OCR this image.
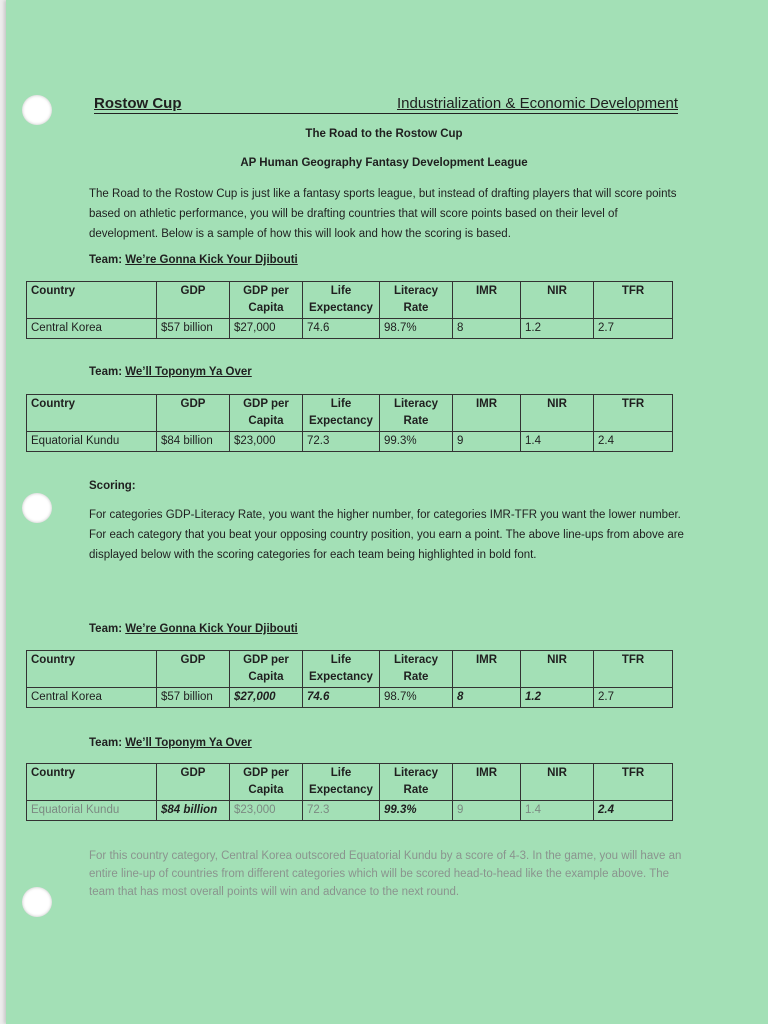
Rostow Cup	Industrialization & Economic Development
The Road to the Rostow Cup
AP Human Geography Fantasy Development League
The Road to the Rostow Cup is just like a fantasy sports league, but instead of drafting players that will score points based on athletic performance, you will be drafting countries that will score points based on their level of development. Below is a sample of how this will look and how the scoring is based.
Team: We’re Gonna Kick Your Djibouti
Country	GDP	GDP per Capita	Life Expectancy	Literacy Rate	IMR	NIR	TFR
Central Korea	$57 billion	$27,000	74.6	98.7%	8	1.2	2.7
Team: We’ll Toponym Ya Over
Country	GDP	GDP per Capita	Life Expectancy	Literacy Rate	IMR	NIR	TFR
Equatorial Kundu	$84 billion	$23,000	72.3	99.3%	9	1.4	2.4
Scoring:
For categories GDP-Literacy Rate, you want the higher number, for categories IMR-TFR you want the lower number. For each category that you beat your opposing country position, you earn a point. The above line-ups from above are displayed below with the scoring categories for each team being highlighted in bold font.
Team: We’re Gonna Kick Your Djibouti
Country	GDP	GDP per Capita	Life Expectancy	Literacy Rate	IMR	NIR	TFR
Central Korea	$57 billion	$27,000	74.6	98.7%	8	1.2	2.7
Team: We’ll Toponym Ya Over
Country	GDP	GDP per Capita	Life Expectancy	Literacy Rate	IMR	NIR	TFR
Equatorial Kundu	$84 billion	$23,000	72.3	99.3%	9	1.4	2.4
For this country category, Central Korea outscored Equatorial Kundu by a score of 4-3. In the game, you will have an entire line-up of countries from different categories which will be scored head-to-head like the example above. The team that has most overall points will win and advance to the next round.
